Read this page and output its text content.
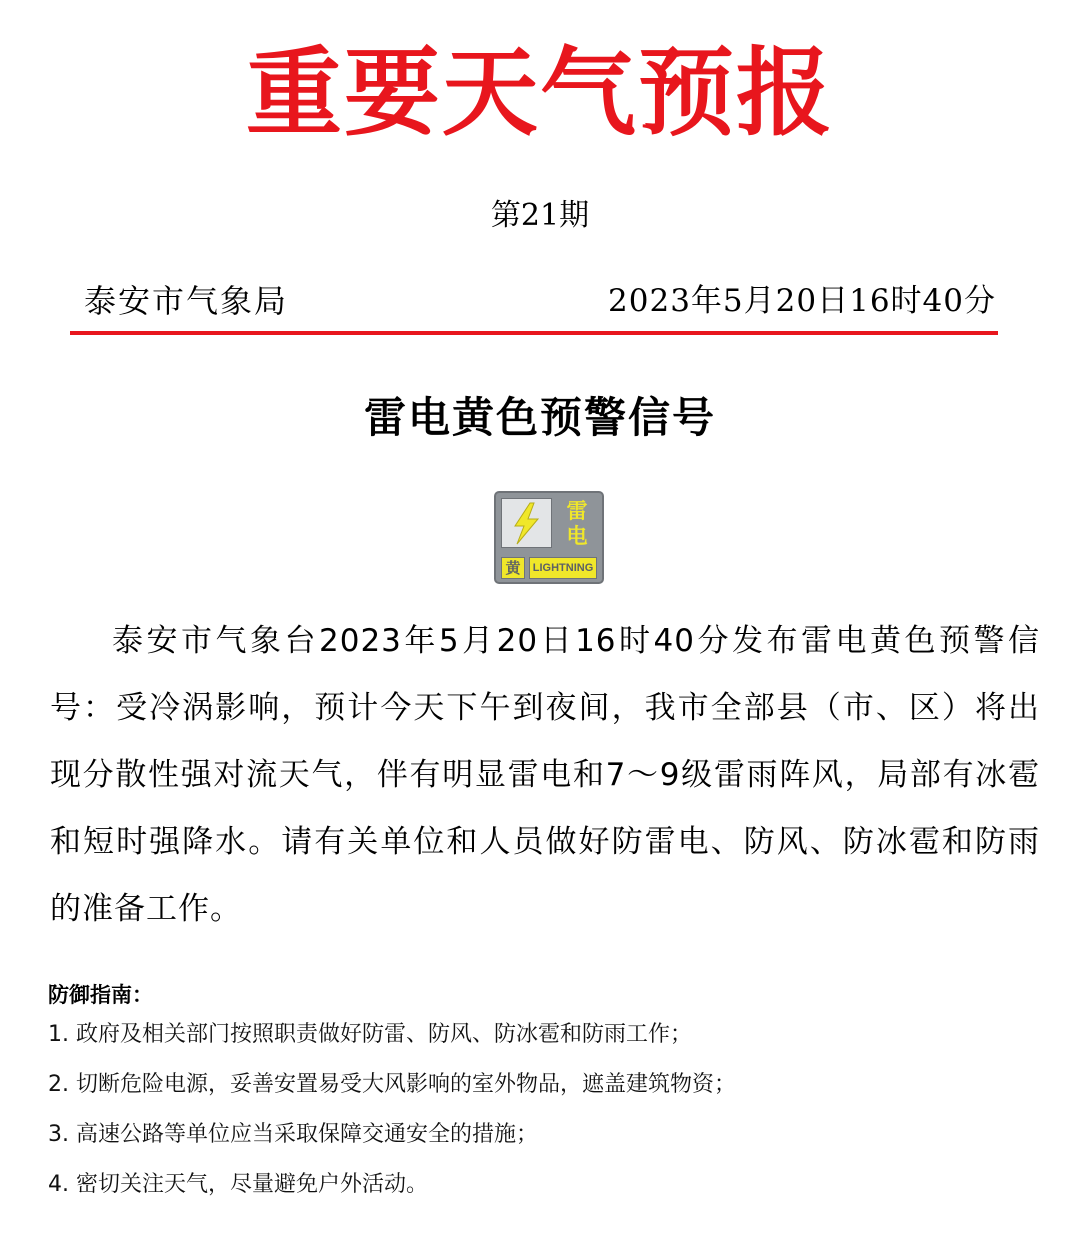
重要天气预报
第21期
泰安市气象局	2023年5月20日16时40分
雷电黄色预警信号
雷
电
黄	LIGHTNING

泰安市气象台2023年5月20日16时40分发布雷电黄色预警信号：受冷涡影响，预计今天下午到夜间，我市全部县（市、区）将出现分散性强对流天气，伴有明显雷电和7～9级雷雨阵风，局部有冰雹和短时强降水。请有关单位和人员做好防雷电、防风、防冰雹和防雨的准备工作。

防御指南：
1. 政府及相关部门按照职责做好防雷、防风、防冰雹和防雨工作；
2. 切断危险电源，妥善安置易受大风影响的室外物品，遮盖建筑物资；
3. 高速公路等单位应当采取保障交通安全的措施；
4. 密切关注天气，尽量避免户外活动。
